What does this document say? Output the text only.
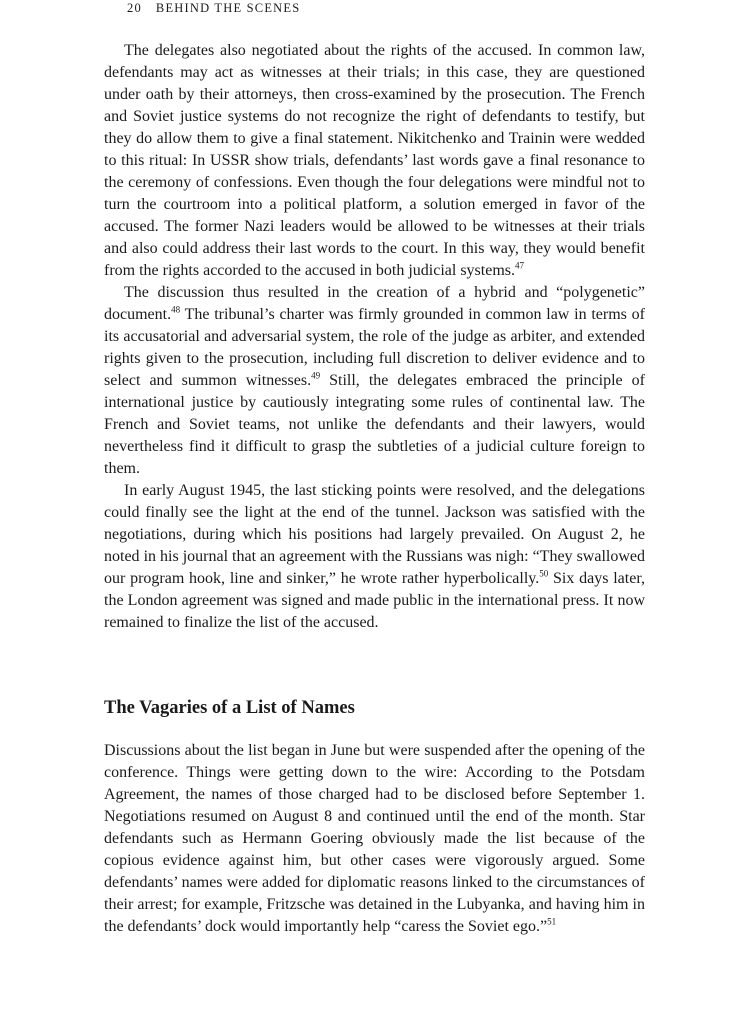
20 BEHIND THE SCENES

The delegates also negotiated about the rights of the accused. In common law, defendants may act as witnesses at their trials; in this case, they are questioned under oath by their attorneys, then cross-examined by the prosecution. The French and Soviet justice systems do not recognize the right of defendants to testify, but they do allow them to give a final statement. Nikitchenko and Trainin were wedded to this ritual: In USSR show trials, defendants’ last words gave a final resonance to the ceremony of confessions. Even though the four delegations were mindful not to turn the courtroom into a political platform, a solution emerged in favor of the accused. The former Nazi leaders would be allowed to be witnesses at their trials and also could address their last words to the court. In this way, they would benefit from the rights accorded to the accused in both judicial systems.$^{47}$

The discussion thus resulted in the creation of a hybrid and “polygenetic” document.$^{48}$ The tribunal’s charter was firmly grounded in common law in terms of its accusatorial and adversarial system, the role of the judge as arbiter, and extended rights given to the prosecution, including full discretion to deliver evidence and to select and summon witnesses.$^{49}$ Still, the delegates embraced the principle of international justice by cautiously integrating some rules of continental law. The French and Soviet teams, not unlike the defendants and their lawyers, would nevertheless find it difficult to grasp the subtleties of a judicial culture foreign to them.

In early August 1945, the last sticking points were resolved, and the delegations could finally see the light at the end of the tunnel. Jackson was satisfied with the negotiations, during which his positions had largely prevailed. On August 2, he noted in his journal that an agreement with the Russians was nigh: “They swallowed our program hook, line and sinker,” he wrote rather hyperbolically.$^{50}$ Six days later, the London agreement was signed and made public in the international press. It now remained to finalize the list of the accused.

The Vagaries of a List of Names

Discussions about the list began in June but were suspended after the opening of the conference. Things were getting down to the wire: According to the Potsdam Agreement, the names of those charged had to be disclosed before September 1. Negotiations resumed on August 8 and continued until the end of the month. Star defendants such as Hermann Goering obviously made the list because of the copious evidence against him, but other cases were vigorously argued. Some defendants’ names were added for diplomatic reasons linked to the circumstances of their arrest; for example, Fritzsche was detained in the Lubyanka, and having him in the defendants’ dock would importantly help “caress the Soviet ego.”$^{51}$
